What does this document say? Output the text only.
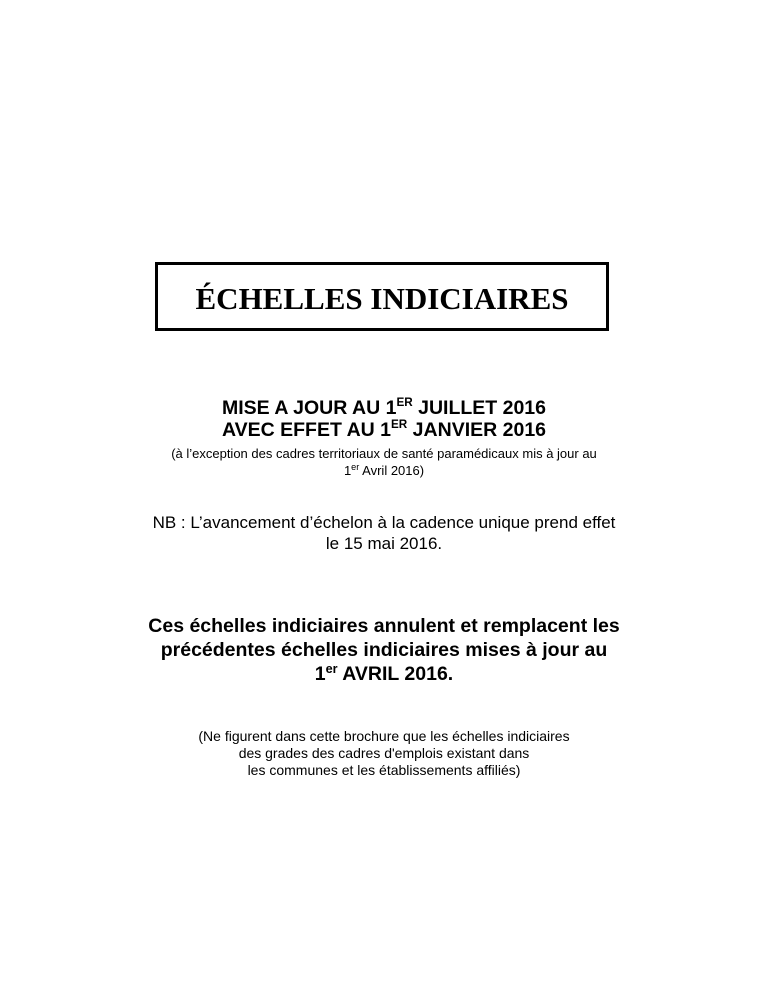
ÉCHELLES INDICIAIRES
MISE A JOUR AU 1ER JUILLET 2016
AVEC EFFET AU 1ER JANVIER 2016
(à l’exception des cadres territoriaux de santé paramédicaux mis à jour au
1er Avril 2016)
NB : L’avancement d’échelon à la cadence unique prend effet
le 15 mai 2016.
Ces échelles indiciaires annulent et remplacent les
précédentes échelles indiciaires mises à jour au
1er AVRIL 2016.
(Ne figurent dans cette brochure que les échelles indiciaires
des grades des cadres d'emplois existant dans
les communes et les établissements affiliés)
